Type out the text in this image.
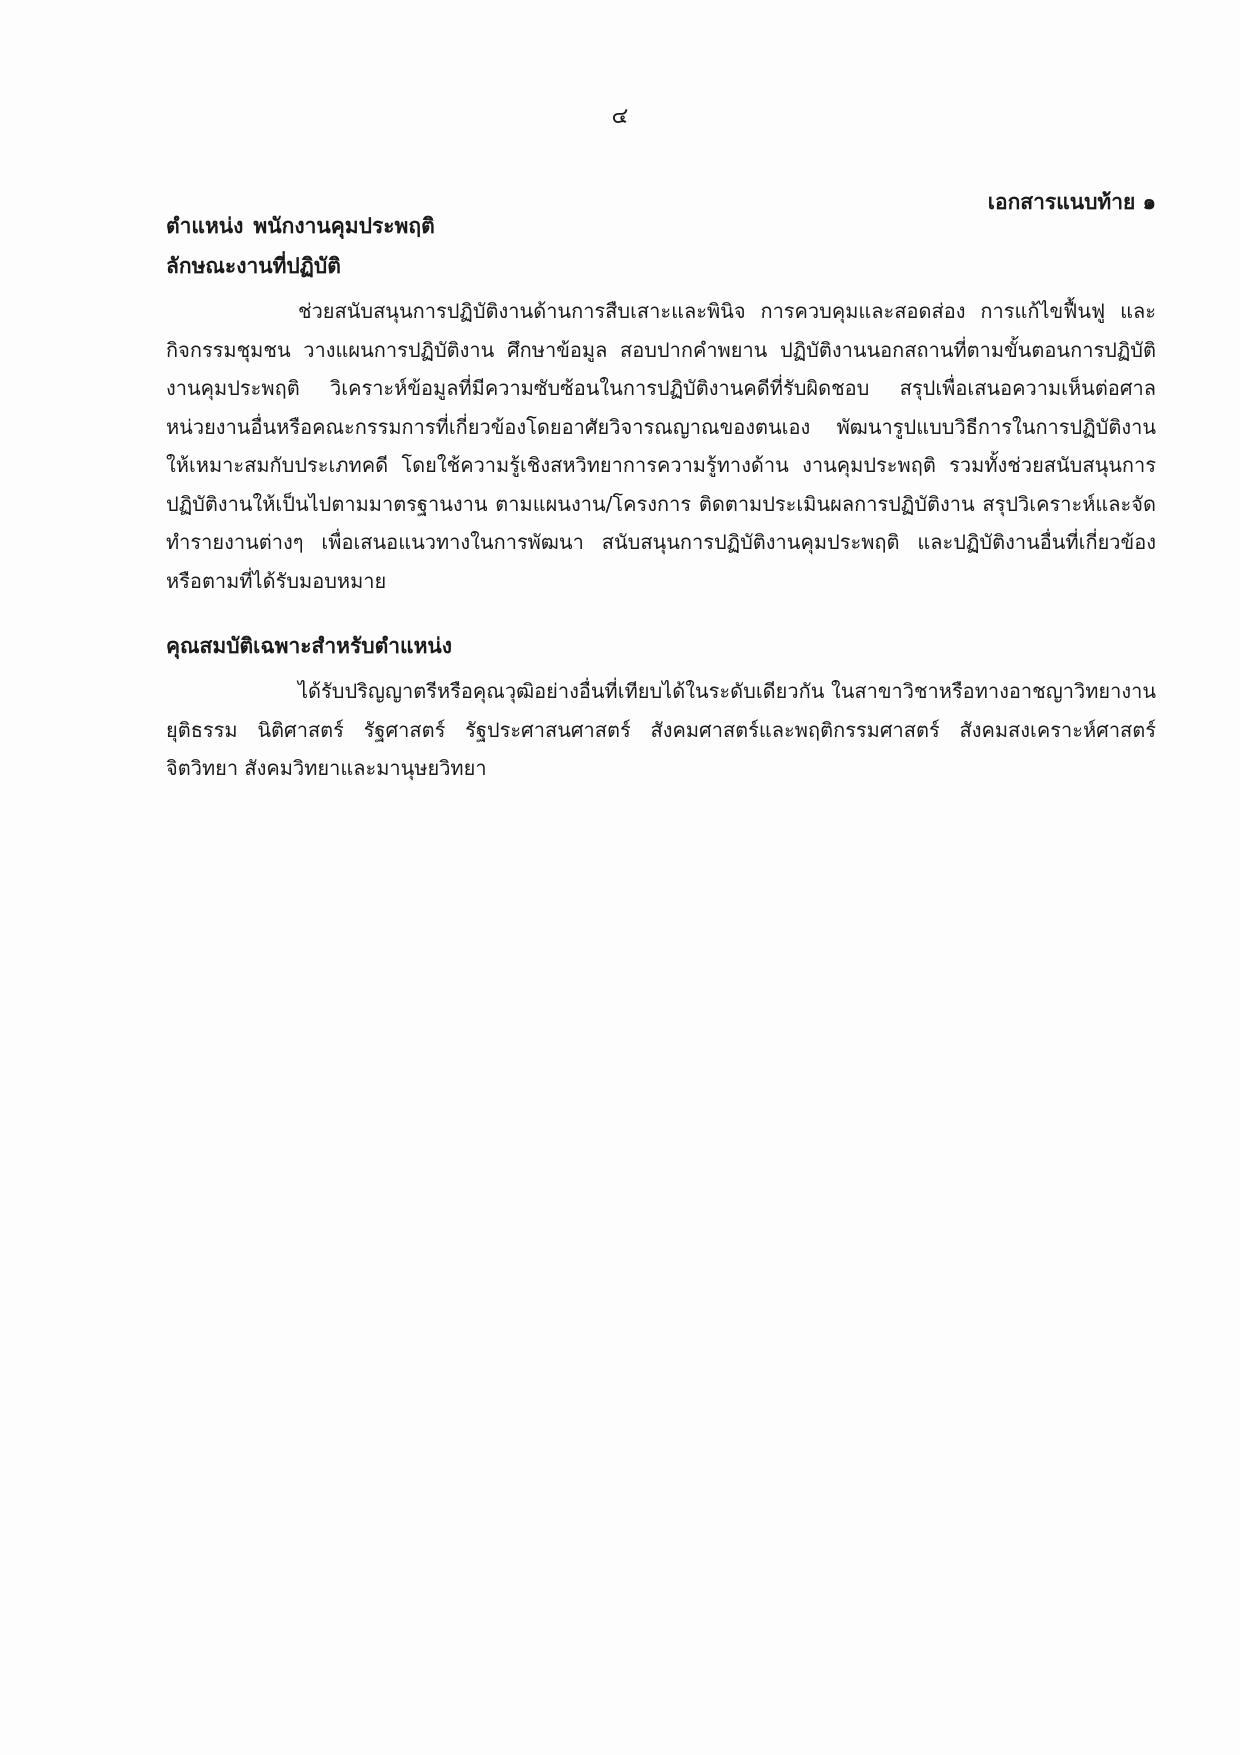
๔
เอกสารแนบท้าย ๑

ตำแหน่ง พนักงานคุมประพฤติ

ลักษณะงานที่ปฏิบัติ

ช่วยสนับสนุนการปฏิบัติงานด้านการสืบเสาะและพินิจ การควบคุมและสอดส่อง การแก้ไขฟื้นฟู และกิจกรรมชุมชน วางแผนการปฏิบัติงาน ศึกษาข้อมูล สอบปากคำพยาน ปฏิบัติงานนอกสถานที่ตามขั้นตอนการปฏิบัติงานคุมประพฤติ วิเคราะห์ข้อมูลที่มีความซับซ้อนในการปฏิบัติงานคดีที่รับผิดชอบ สรุปเพื่อเสนอความเห็นต่อศาล หน่วยงานอื่นหรือคณะกรรมการที่เกี่ยวข้องโดยอาศัยวิจารณญาณของตนเอง พัฒนารูปแบบวิธีการในการปฏิบัติงานให้เหมาะสมกับประเภทคดี โดยใช้ความรู้เชิงสหวิทยาการความรู้ทางด้าน งานคุมประพฤติ รวมทั้งช่วยสนับสนุนการปฏิบัติงานให้เป็นไปตามมาตรฐานงาน ตามแผนงาน/โครงการ ติดตามประเมินผลการปฏิบัติงาน สรุปวิเคราะห์และจัดทำรายงานต่างๆ เพื่อเสนอแนวทางในการพัฒนา สนับสนุนการปฏิบัติงานคุมประพฤติ และปฏิบัติงานอื่นที่เกี่ยวข้องหรือตามที่ได้รับมอบหมาย

คุณสมบัติเฉพาะสำหรับตำแหน่ง

ได้รับปริญญาตรีหรือคุณวุฒิอย่างอื่นที่เทียบได้ในระดับเดียวกัน ในสาขาวิชาหรือทางอาชญาวิทยางานยุติธรรม นิติศาสตร์ รัฐศาสตร์ รัฐประศาสนศาสตร์ สังคมศาสตร์และพฤติกรรมศาสตร์ สังคมสงเคราะห์ศาสตร์ จิตวิทยา สังคมวิทยาและมานุษยวิทยา
